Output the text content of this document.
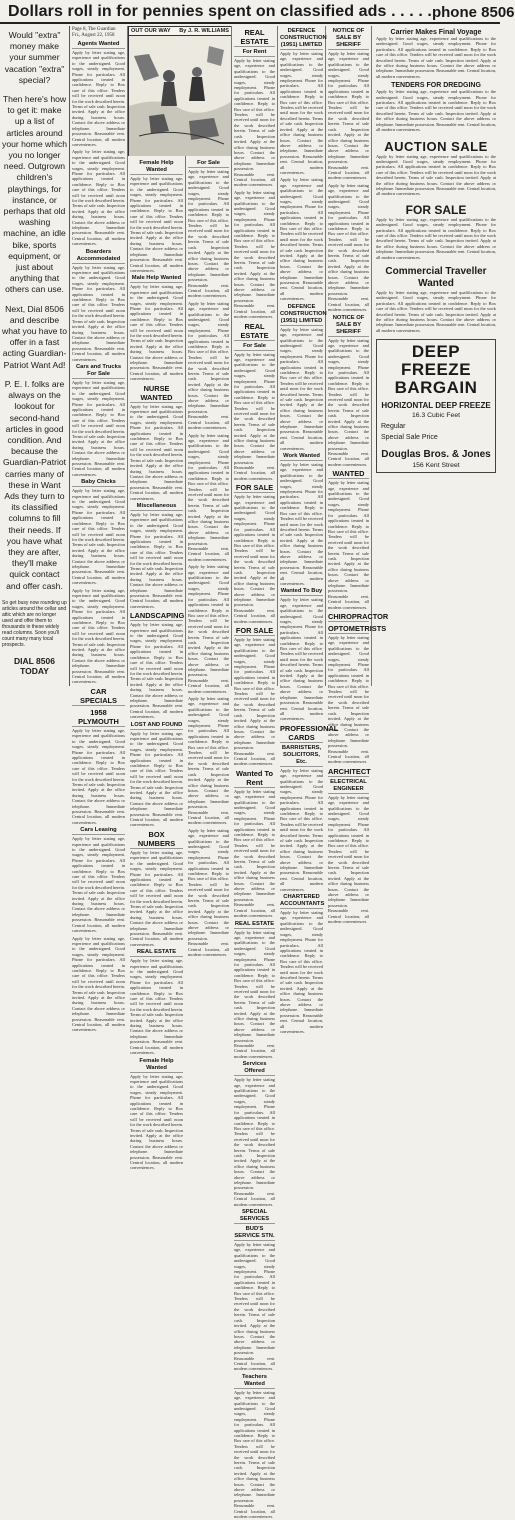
Dollars roll in for pennies spent on classified ads . . . . . phone 8506

Would "extra" money make your summer vacation "extra" special?

Then here's how to get it: make up a list of articles around your home which you no longer need. Outgrown children's playthings, for instance, or perhaps that old washing machine, an idle bike, sports equipment, or just about anything that others can use.

Next, Dial 8506 and describe what you have to offer in a fast acting Guardian-Patriot Want Ad!

P. E. I. folks are always on the lookout for second-hand articles in good condition. And because the Guardian-Patriot carries many of these in Want Ads they turn to its classified columns to fill their needs. If you have what they are after, they'll make quick contact and offer cash.

So get busy now rounding up articles around the cellar and attic which are no longer used and offer them to thousands in these widely read columns. Soon you'll count many many local prospects.

DIAL 8506 TODAY

Page 8, The Guardian Fri., August 22, 1958
Agents Wanted
Apply by letter stating age, experience and qualifications to the undersigned. Good wages, steady employment. Phone for particulars. All applications treated in confidence. Reply to Box care of this office. Tenders will be received until noon for the work described herein. Terms of sale cash. Inspection invited. Apply at the office during business hours. Contact the above address or telephone. Immediate possession. Reasonable rent. Central location, all modern conveniences.
Apply by letter stating age, experience and qualifications to the undersigned. Good wages, steady employment. Phone for particulars. All applications treated in confidence. Reply to Box care of this office. Tenders will be received until noon for the work described herein. Terms of sale cash. Inspection invited. Apply at the office during business hours. Contact the above address or telephone. Immediate possession. Reasonable rent. Central location, all modern conveniences.
Boarders Accommodated
Apply by letter stating age, experience and qualifications to the undersigned. Good wages, steady employment. Phone for particulars. All applications treated in confidence. Reply to Box care of this office. Tenders will be received until noon for the work described herein. Terms of sale cash. Inspection invited. Apply at the office during business hours. Contact the above address or telephone. Immediate possession. Reasonable rent. Central location, all modern conveniences.
Cars and Trucks For Sale
Apply by letter stating age, experience and qualifications to the undersigned. Good wages, steady employment. Phone for particulars. All applications treated in confidence. Reply to Box care of this office. Tenders will be received until noon for the work described herein. Terms of sale cash. Inspection invited. Apply at the office during business hours. Contact the above address or telephone. Immediate possession. Reasonable rent. Central location, all modern conveniences.
Baby Chicks
Apply by letter stating age, experience and qualifications to the undersigned. Good wages, steady employment. Phone for particulars. All applications treated in confidence. Reply to Box care of this office. Tenders will be received until noon for the work described herein. Terms of sale cash. Inspection invited. Apply at the office during business hours. Contact the above address or telephone. Immediate possession. Reasonable rent. Central location, all modern conveniences.
Apply by letter stating age, experience and qualifications to the undersigned. Good wages, steady employment. Phone for particulars. All applications treated in confidence. Reply to Box care of this office. Tenders will be received until noon for the work described herein. Terms of sale cash. Inspection invited. Apply at the office during business hours. Contact the above address or telephone. Immediate possession. Reasonable rent. Central location, all modern conveniences.
CAR SPECIALS
1958 PLYMOUTH
Apply by letter stating age, experience and qualifications to the undersigned. Good wages, steady employment. Phone for particulars. All applications treated in confidence. Reply to Box care of this office. Tenders will be received until noon for the work described herein. Terms of sale cash. Inspection invited. Apply at the office during business hours. Contact the above address or telephone. Immediate possession. Reasonable rent. Central location, all modern conveniences.
Cars Leasing
Apply by letter stating age, experience and qualifications to the undersigned. Good wages, steady employment. Phone for particulars. All applications treated in confidence. Reply to Box care of this office. Tenders will be received until noon for the work described herein. Terms of sale cash. Inspection invited. Apply at the office during business hours. Contact the above address or telephone. Immediate possession. Reasonable rent. Central location, all modern conveniences.
Apply by letter stating age, experience and qualifications to the undersigned. Good wages, steady employment. Phone for particulars. All applications treated in confidence. Reply to Box care of this office. Tenders will be received until noon for the work described herein. Terms of sale cash. Inspection invited. Apply at the office during business hours. Contact the above address or telephone. Immediate possession. Reasonable rent. Central location, all modern conveniences.
Female Help Wanted
Apply by letter stating age, experience and qualifications to the undersigned. Good wages, steady employment. Phone for particulars. All applications treated in confidence. Reply to Box care of this office. Tenders will be received until noon for the work described herein. Terms of sale cash. Inspection invited. Apply at the office during business hours. Contact the above address or telephone. Immediate possession. Reasonable rent. Central location, all modern conveniences.
Male Help Wanted
Apply by letter stating age, experience and qualifications to the undersigned. Good wages, steady employment. Phone for particulars. All applications treated in confidence. Reply to Box care of this office. Tenders will be received until noon for the work described herein. Terms of sale cash. Inspection invited. Apply at the office during business hours. Contact the above address or telephone. Immediate possession. Reasonable rent. Central location, all modern conveniences.
NURSE WANTED
Apply by letter stating age, experience and qualifications to the undersigned. Good wages, steady employment. Phone for particulars. All applications treated in confidence. Reply to Box care of this office. Tenders will be received until noon for the work described herein. Terms of sale cash. Inspection invited. Apply at the office during business hours. Contact the above address or telephone. Immediate possession. Reasonable rent. Central location, all modern conveniences.
Miscellaneous
Apply by letter stating age, experience and qualifications to the undersigned. Good wages, steady employment. Phone for particulars. All applications treated in confidence. Reply to Box care of this office. Tenders will be received until noon for the work described herein. Terms of sale cash. Inspection invited. Apply at the office during business hours. Contact the above address or telephone. Immediate possession. Reasonable rent. Central location, all modern conveniences.
LANDSCAPING
Apply by letter stating age, experience and qualifications to the undersigned. Good wages, steady employment. Phone for particulars. All applications treated in confidence. Reply to Box care of this office. Tenders will be received until noon for the work described herein. Terms of sale cash. Inspection invited. Apply at the office during business hours. Contact the above address or telephone. Immediate possession. Reasonable rent. Central location, all modern conveniences.
LOST AND FOUND
Apply by letter stating age, experience and qualifications to the undersigned. Good wages, steady employment. Phone for particulars. All applications treated in confidence. Reply to Box care of this office. Tenders will be received until noon for the work described herein. Terms of sale cash. Inspection invited. Apply at the office during business hours. Contact the above address or telephone. Immediate possession. Reasonable rent. Central location, all modern conveniences.
BOX NUMBERS
Apply by letter stating age, experience and qualifications to the undersigned. Good wages, steady employment. Phone for particulars. All applications treated in confidence. Reply to Box care of this office. Tenders will be received until noon for the work described herein. Terms of sale cash. Inspection invited. Apply at the office during business hours. Contact the above address or telephone. Immediate possession. Reasonable rent. Central location, all modern conveniences.
REAL ESTATE
Apply by letter stating age, experience and qualifications to the undersigned. Good wages, steady employment. Phone for particulars. All applications treated in confidence. Reply to Box care of this office. Tenders will be received until noon for the work described herein. Terms of sale cash. Inspection invited. Apply at the office during business hours. Contact the above address or telephone. Immediate possession. Reasonable rent. Central location, all modern conveniences.
Female Help Wanted
Apply by letter stating age, experience and qualifications to the undersigned. Good wages, steady employment. Phone for particulars. All applications treated in confidence. Reply to Box care of this office. Tenders will be received until noon for the work described herein. Terms of sale cash. Inspection invited. Apply at the office during business hours. Contact the above address or telephone. Immediate possession. Reasonable rent. Central location, all modern conveniences.
OUT OUR WAY By J. R. WILLIAMS
For Sale
Apply by letter stating age, experience and qualifications to the undersigned. Good wages, steady employment. Phone for particulars. All applications treated in confidence. Reply to Box care of this office. Tenders will be received until noon for the work described herein. Terms of sale cash. Inspection invited. Apply at the office during business hours. Contact the above address or telephone. Immediate possession. Reasonable rent. Central location, all modern conveniences.
Apply by letter stating age, experience and qualifications to the undersigned. Good wages, steady employment. Phone for particulars. All applications treated in confidence. Reply to Box care of this office. Tenders will be received until noon for the work described herein. Terms of sale cash. Inspection invited. Apply at the office during business hours. Contact the above address or telephone. Immediate possession. Reasonable rent. Central location, all modern conveniences.
Apply by letter stating age, experience and qualifications to the undersigned. Good wages, steady employment. Phone for particulars. All applications treated in confidence. Reply to Box care of this office. Tenders will be received until noon for the work described herein. Terms of sale cash. Inspection invited. Apply at the office during business hours. Contact the above address or telephone. Immediate possession. Reasonable rent. Central location, all modern conveniences.
Apply by letter stating age, experience and qualifications to the undersigned. Good wages, steady employment. Phone for particulars. All applications treated in confidence. Reply to Box care of this office. Tenders will be received until noon for the work described herein. Terms of sale cash. Inspection invited. Apply at the office during business hours. Contact the above address or telephone. Immediate possession. Reasonable rent. Central location, all modern conveniences.
Apply by letter stating age, experience and qualifications to the undersigned. Good wages, steady employment. Phone for particulars. All applications treated in confidence. Reply to Box care of this office. Tenders will be received until noon for the work described herein. Terms of sale cash. Inspection invited. Apply at the office during business hours. Contact the above address or telephone. Immediate possession. Reasonable rent. Central location, all modern conveniences.
Apply by letter stating age, experience and qualifications to the undersigned. Good wages, steady employment. Phone for particulars. All applications treated in confidence. Reply to Box care of this office. Tenders will be received until noon for the work described herein. Terms of sale cash. Inspection invited. Apply at the office during business hours. Contact the above address or telephone. Immediate possession. Reasonable rent. Central location, all modern conveniences.
REAL ESTATE
For Rent
Apply by letter stating age, experience and qualifications to the undersigned. Good wages, steady employment. Phone for particulars. All applications treated in confidence. Reply to Box care of this office. Tenders will be received until noon for the work described herein. Terms of sale cash. Inspection invited. Apply at the office during business hours. Contact the above address or telephone. Immediate possession. Reasonable rent. Central location, all modern conveniences.
Apply by letter stating age, experience and qualifications to the undersigned. Good wages, steady employment. Phone for particulars. All applications treated in confidence. Reply to Box care of this office. Tenders will be received until noon for the work described herein. Terms of sale cash. Inspection invited. Apply at the office during business hours. Contact the above address or telephone. Immediate possession. Reasonable rent. Central location, all modern conveniences.
REAL ESTATE
For Sale
Apply by letter stating age, experience and qualifications to the undersigned. Good wages, steady employment. Phone for particulars. All applications treated in confidence. Reply to Box care of this office. Tenders will be received until noon for the work described herein. Terms of sale cash. Inspection invited. Apply at the office during business hours. Contact the above address or telephone. Immediate possession. Reasonable rent. Central location, all modern conveniences.
FOR SALE
Apply by letter stating age, experience and qualifications to the undersigned. Good wages, steady employment. Phone for particulars. All applications treated in confidence. Reply to Box care of this office. Tenders will be received until noon for the work described herein. Terms of sale cash. Inspection invited. Apply at the office during business hours. Contact the above address or telephone. Immediate possession. Reasonable rent. Central location, all modern conveniences.
FOR SALE
Apply by letter stating age, experience and qualifications to the undersigned. Good wages, steady employment. Phone for particulars. All applications treated in confidence. Reply to Box care of this office. Tenders will be received until noon for the work described herein. Terms of sale cash. Inspection invited. Apply at the office during business hours. Contact the above address or telephone. Immediate possession. Reasonable rent. Central location, all modern conveniences.
Wanted To Rent
Apply by letter stating age, experience and qualifications to the undersigned. Good wages, steady employment. Phone for particulars. All applications treated in confidence. Reply to Box care of this office. Tenders will be received until noon for the work described herein. Terms of sale cash. Inspection invited. Apply at the office during business hours. Contact the above address or telephone. Immediate possession. Reasonable rent. Central location, all modern conveniences.
REAL ESTATE
Apply by letter stating age, experience and qualifications to the undersigned. Good wages, steady employment. Phone for particulars. All applications treated in confidence. Reply to Box care of this office. Tenders will be received until noon for the work described herein. Terms of sale cash. Inspection invited. Apply at the office during business hours. Contact the above address or telephone. Immediate possession. Reasonable rent. Central location, all modern conveniences.
Services Offered
Apply by letter stating age, experience and qualifications to the undersigned. Good wages, steady employment. Phone for particulars. All applications treated in confidence. Reply to Box care of this office. Tenders will be received until noon for the work described herein. Terms of sale cash. Inspection invited. Apply at the office during business hours. Contact the above address or telephone. Immediate possession. Reasonable rent. Central location, all modern conveniences.
SPECIAL SERVICES
BUD'S SERVICE STN.
Apply by letter stating age, experience and qualifications to the undersigned. Good wages, steady employment. Phone for particulars. All applications treated in confidence. Reply to Box care of this office. Tenders will be received until noon for the work described herein. Terms of sale cash. Inspection invited. Apply at the office during business hours. Contact the above address or telephone. Immediate possession. Reasonable rent. Central location, all modern conveniences.
Teachers Wanted
Apply by letter stating age, experience and qualifications to the undersigned. Good wages, steady employment. Phone for particulars. All applications treated in confidence. Reply to Box care of this office. Tenders will be received until noon for the work described herein. Terms of sale cash. Inspection invited. Apply at the office during business hours. Contact the above address or telephone. Immediate possession. Reasonable rent. Central location, all modern conveniences.
DEFENCE CONSTRUCTION (1951) LIMITED
Apply by letter stating age, experience and qualifications to the undersigned. Good wages, steady employment. Phone for particulars. All applications treated in confidence. Reply to Box care of this office. Tenders will be received until noon for the work described herein. Terms of sale cash. Inspection invited. Apply at the office during business hours. Contact the above address or telephone. Immediate possession. Reasonable rent. Central location, all modern conveniences.
Apply by letter stating age, experience and qualifications to the undersigned. Good wages, steady employment. Phone for particulars. All applications treated in confidence. Reply to Box care of this office. Tenders will be received until noon for the work described herein. Terms of sale cash. Inspection invited. Apply at the office during business hours. Contact the above address or telephone. Immediate possession. Reasonable rent. Central location, all modern conveniences.
DEFENCE CONSTRUCTION (1951) LIMITED
Apply by letter stating age, experience and qualifications to the undersigned. Good wages, steady employment. Phone for particulars. All applications treated in confidence. Reply to Box care of this office. Tenders will be received until noon for the work described herein. Terms of sale cash. Inspection invited. Apply at the office during business hours. Contact the above address or telephone. Immediate possession. Reasonable rent. Central location, all modern conveniences.
Work Wanted
Apply by letter stating age, experience and qualifications to the undersigned. Good wages, steady employment. Phone for particulars. All applications treated in confidence. Reply to Box care of this office. Tenders will be received until noon for the work described herein. Terms of sale cash. Inspection invited. Apply at the office during business hours. Contact the above address or telephone. Immediate possession. Reasonable rent. Central location, all modern conveniences.
Wanted To Buy
Apply by letter stating age, experience and qualifications to the undersigned. Good wages, steady employment. Phone for particulars. All applications treated in confidence. Reply to Box care of this office. Tenders will be received until noon for the work described herein. Terms of sale cash. Inspection invited. Apply at the office during business hours. Contact the above address or telephone. Immediate possession. Reasonable rent. Central location, all modern conveniences.
PROFESSIONAL CARDS
BARRISTERS, SOLICITORS, Etc.
Apply by letter stating age, experience and qualifications to the undersigned. Good wages, steady employment. Phone for particulars. All applications treated in confidence. Reply to Box care of this office. Tenders will be received until noon for the work described herein. Terms of sale cash. Inspection invited. Apply at the office during business hours. Contact the above address or telephone. Immediate possession. Reasonable rent. Central location, all modern conveniences.
CHARTERED ACCOUNTANTS
Apply by letter stating age, experience and qualifications to the undersigned. Good wages, steady employment. Phone for particulars. All applications treated in confidence. Reply to Box care of this office. Tenders will be received until noon for the work described herein. Terms of sale cash. Inspection invited. Apply at the office during business hours. Contact the above address or telephone. Immediate possession. Reasonable rent. Central location, all modern conveniences.
NOTICE OF SALE BY SHERIFF
Apply by letter stating age, experience and qualifications to the undersigned. Good wages, steady employment. Phone for particulars. All applications treated in confidence. Reply to Box care of this office. Tenders will be received until noon for the work described herein. Terms of sale cash. Inspection invited. Apply at the office during business hours. Contact the above address or telephone. Immediate possession. Reasonable rent. Central location, all modern conveniences.
Apply by letter stating age, experience and qualifications to the undersigned. Good wages, steady employment. Phone for particulars. All applications treated in confidence. Reply to Box care of this office. Tenders will be received until noon for the work described herein. Terms of sale cash. Inspection invited. Apply at the office during business hours. Contact the above address or telephone. Immediate possession. Reasonable rent. Central location, all modern conveniences.
NOTICE OF SALE BY SHERIFF
Apply by letter stating age, experience and qualifications to the undersigned. Good wages, steady employment. Phone for particulars. All applications treated in confidence. Reply to Box care of this office. Tenders will be received until noon for the work described herein. Terms of sale cash. Inspection invited. Apply at the office during business hours. Contact the above address or telephone. Immediate possession. Reasonable rent. Central location, all modern conveniences.
WANTED
Apply by letter stating age, experience and qualifications to the undersigned. Good wages, steady employment. Phone for particulars. All applications treated in confidence. Reply to Box care of this office. Tenders will be received until noon for the work described herein. Terms of sale cash. Inspection invited. Apply at the office during business hours. Contact the above address or telephone. Immediate possession. Reasonable rent. Central location, all modern conveniences.
CHIROPRACTOR
OPTOMETRISTS
Apply by letter stating age, experience and qualifications to the undersigned. Good wages, steady employment. Phone for particulars. All applications treated in confidence. Reply to Box care of this office. Tenders will be received until noon for the work described herein. Terms of sale cash. Inspection invited. Apply at the office during business hours. Contact the above address or telephone. Immediate possession. Reasonable rent. Central location, all modern conveniences.
ARCHITECT
ELECTRICAL ENGINEER
Apply by letter stating age, experience and qualifications to the undersigned. Good wages, steady employment. Phone for particulars. All applications treated in confidence. Reply to Box care of this office. Tenders will be received until noon for the work described herein. Terms of sale cash. Inspection invited. Apply at the office during business hours. Contact the above address or telephone. Immediate possession. Reasonable rent. Central location, all modern conveniences.
Carrier Makes Final Voyage
Apply by letter stating age, experience and qualifications to the undersigned. Good wages, steady employment. Phone for particulars. All applications treated in confidence. Reply to Box care of this office. Tenders will be received until noon for the work described herein. Terms of sale cash. Inspection invited. Apply at the office during business hours. Contact the above address or telephone. Immediate possession. Reasonable rent. Central location, all modern conveniences.
TENDERS FOR DREDGING
Apply by letter stating age, experience and qualifications to the undersigned. Good wages, steady employment. Phone for particulars. All applications treated in confidence. Reply to Box care of this office. Tenders will be received until noon for the work described herein. Terms of sale cash. Inspection invited. Apply at the office during business hours. Contact the above address or telephone. Immediate possession. Reasonable rent. Central location, all modern conveniences.
AUCTION SALE
Apply by letter stating age, experience and qualifications to the undersigned. Good wages, steady employment. Phone for particulars. All applications treated in confidence. Reply to Box care of this office. Tenders will be received until noon for the work described herein. Terms of sale cash. Inspection invited. Apply at the office during business hours. Contact the above address or telephone. Immediate possession. Reasonable rent. Central location, all modern conveniences.
FOR SALE
Apply by letter stating age, experience and qualifications to the undersigned. Good wages, steady employment. Phone for particulars. All applications treated in confidence. Reply to Box care of this office. Tenders will be received until noon for the work described herein. Terms of sale cash. Inspection invited. Apply at the office during business hours. Contact the above address or telephone. Immediate possession. Reasonable rent. Central location, all modern conveniences.
Commercial Traveller Wanted
Apply by letter stating age, experience and qualifications to the undersigned. Good wages, steady employment. Phone for particulars. All applications treated in confidence. Reply to Box care of this office. Tenders will be received until noon for the work described herein. Terms of sale cash. Inspection invited. Apply at the office during business hours. Contact the above address or telephone. Immediate possession. Reasonable rent. Central location, all modern conveniences.
DEEP FREEZE BARGAIN
HORIZONTAL DEEP FREEZE
16.3 Cubic Feet
Regular
Special Sale Price
Douglas Bros. & Jones
156 Kent Street
